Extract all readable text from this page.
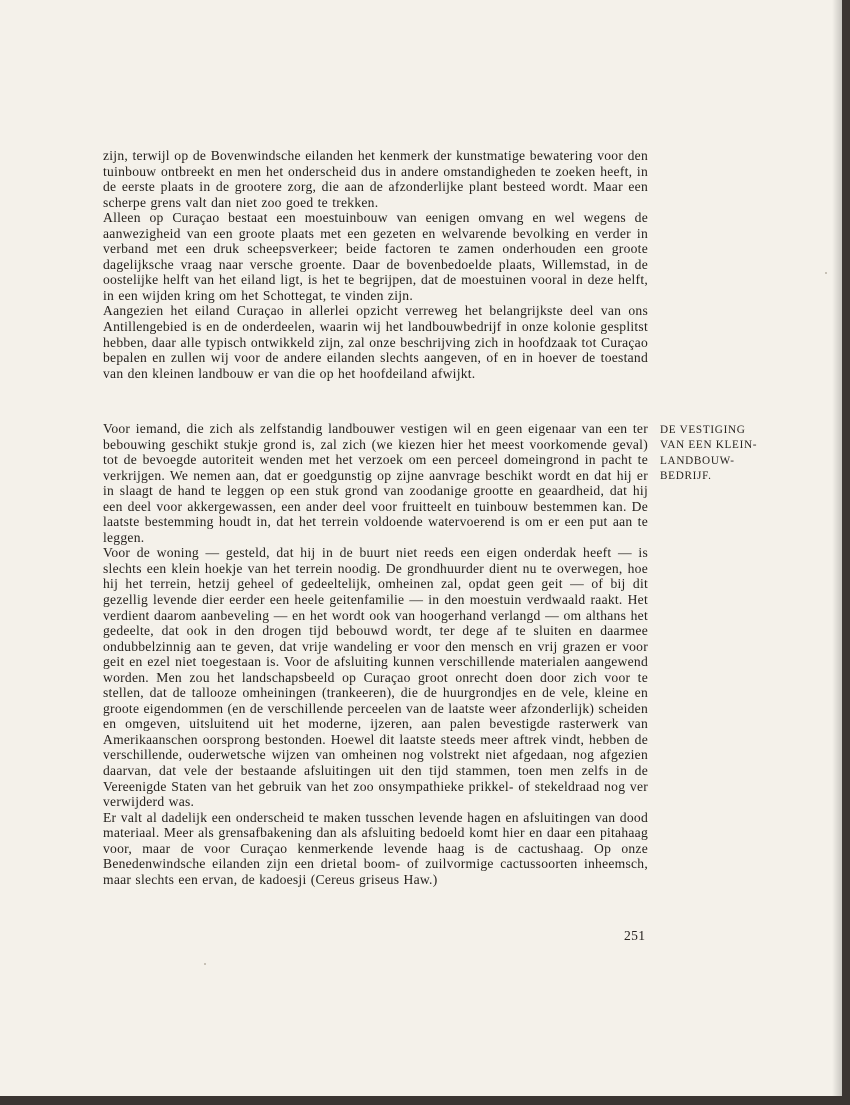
zijn, terwijl op de Bovenwindsche eilanden het kenmerk der kunstmatige bewatering voor den tuinbouw ontbreekt en men het onderscheid dus in andere omstandigheden te zoeken heeft, in de eerste plaats in de grootere zorg, die aan de afzonderlijke plant besteed wordt. Maar een scherpe grens valt dan niet zoo goed te trekken.

Alleen op Curaçao bestaat een moestuinbouw van eenigen omvang en wel wegens de aanwezigheid van een groote plaats met een gezeten en welvarende bevolking en verder in verband met een druk scheepsverkeer; beide factoren te zamen onderhouden een groote dagelijksche vraag naar versche groente. Daar de bovenbedoelde plaats, Willemstad, in de oostelijke helft van het eiland ligt, is het te begrijpen, dat de moestuinen vooral in deze helft, in een wijden kring om het Schottegat, te vinden zijn.

Aangezien het eiland Curaçao in allerlei opzicht verreweg het belangrijkste deel van ons Antillengebied is en de onderdeelen, waarin wij het landbouwbedrijf in onze kolonie gesplitst hebben, daar alle typisch ontwikkeld zijn, zal onze beschrijving zich in hoofdzaak tot Curaçao bepalen en zullen wij voor de andere eilanden slechts aangeven, of en in hoever de toestand van den kleinen landbouw er van die op het hoofdeiland afwijkt.

Voor iemand, die zich als zelfstandig landbouwer vestigen wil en geen eigenaar van een ter bebouwing geschikt stukje grond is, zal zich (we kiezen hier het meest voorkomende geval) tot de bevoegde autoriteit wenden met het verzoek om een perceel domeingrond in pacht te verkrijgen. We nemen aan, dat er goedgunstig op zijne aanvrage beschikt wordt en dat hij er in slaagt de hand te leggen op een stuk grond van zoodanige grootte en geaardheid, dat hij een deel voor akkergewassen, een ander deel voor fruitteelt en tuinbouw bestemmen kan. De laatste bestemming houdt in, dat het terrein voldoende watervoerend is om er een put aan te leggen.

Voor de woning — gesteld, dat hij in de buurt niet reeds een eigen onderdak heeft — is slechts een klein hoekje van het terrein noodig. De grondhuurder dient nu te overwegen, hoe hij het terrein, hetzij geheel of gedeeltelijk, omheinen zal, opdat geen geit — of bij dit gezellig levende dier eerder een heele geitenfamilie — in den moestuin verdwaald raakt. Het verdient daarom aanbeveling — en het wordt ook van hoogerhand verlangd — om althans het gedeelte, dat ook in den drogen tijd bebouwd wordt, ter dege af te sluiten en daarmee ondubbelzinnig aan te geven, dat vrije wandeling er voor den mensch en vrij grazen er voor geit en ezel niet toegestaan is. Voor de afsluiting kunnen verschillende materialen aangewend worden. Men zou het landschapsbeeld op Curaçao groot onrecht doen door zich voor te stellen, dat de tallooze omheiningen (trankeeren), die de huurgrondjes en de vele, kleine en groote eigendommen (en de verschillende perceelen van de laatste weer afzonderlijk) scheiden en omgeven, uitsluitend uit het moderne, ijzeren, aan palen bevestigde rasterwerk van Amerikaanschen oorsprong bestonden. Hoewel dit laatste steeds meer aftrek vindt, hebben de verschillende, ouderwetsche wijzen van omheinen nog volstrekt niet afgedaan, nog afgezien daarvan, dat vele der bestaande afsluitingen uit den tijd stammen, toen men zelfs in de Vereenigde Staten van het gebruik van het zoo onsympathieke prikkel- of stekeldraad nog ver verwijderd was.

Er valt al dadelijk een onderscheid te maken tusschen levende hagen en afsluitingen van dood materiaal. Meer als grensafbakening dan als afsluiting bedoeld komt hier en daar een pitahaag voor, maar de voor Curaçao kenmerkende levende haag is de cactushaag. Op onze Benedenwindsche eilanden zijn een drietal boom- of zuilvormige cactussoorten inheemsch, maar slechts een ervan, de kadoesji (Cereus griseus Haw.)

DE VESTIGING
VAN EEN KLEIN-
LANDBOUW-
BEDRIJF.
251
